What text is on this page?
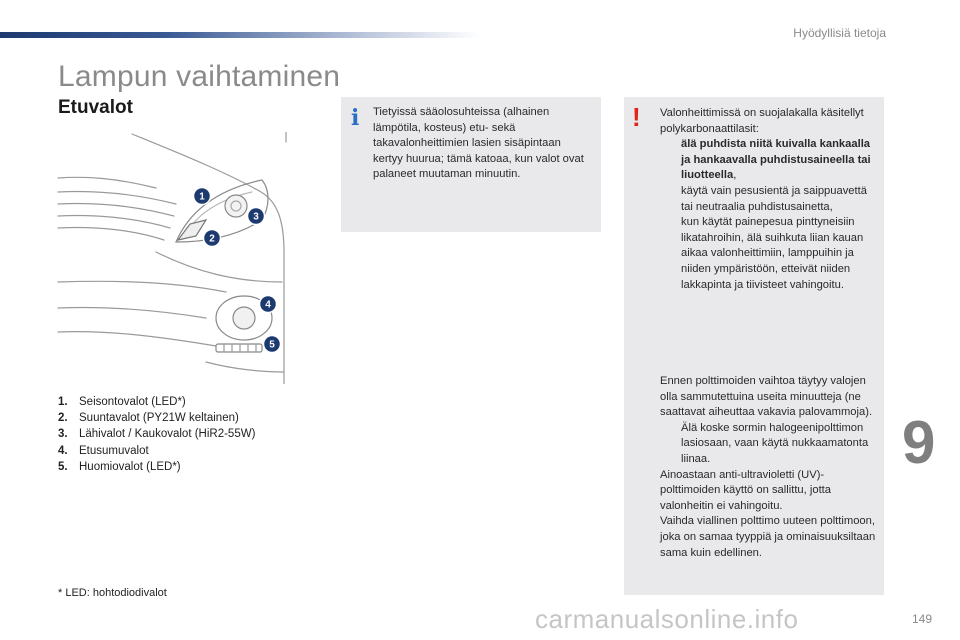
Hyödyllisiä tietoja
Lampun vaihtaminen
Etuvalot
1
2
3
4
5
1. Seisontovalot (LED*)
2. Suuntavalot (PY21W keltainen)
3. Lähivalot / Kaukovalot (HiR2-55W)
4. Etusumuvalot
5. Huomiovalot (LED*)
* LED: hohtodiodivalot
i Tietyissä sääolosuhteissa (alhainen lämpötila, kosteus) etu- sekä takavalonheittimien lasien sisäpintaan kertyy huurua; tämä katoaa, kun valot ovat palaneet muutaman minuutin.
! Valonheittimissä on suojalakalla käsitellyt polykarbonaattilasit:
älä puhdista niitä kuivalla kankaalla ja hankaavalla puhdistusaineella tai liuotteella,
käytä vain pesusientä ja saippuavettä tai neutraalia puhdistusainetta,
kun käytät painepesua pinttyneisiin likatahroihin, älä suihkuta liian kauan aikaa valonheittimiin, lamppuihin ja niiden ympäristöön, etteivät niiden lakkapinta ja tiivisteet vahingoitu.
Ennen polttimoiden vaihtoa täytyy valojen olla sammutettuina useita minuutteja (ne saattavat aiheuttaa vakavia palovammoja).
Älä koske sormin halogeenipolttimon lasiosaan, vaan käytä nukkaamatonta liinaa.
Ainoastaan anti-ultravioletti (UV)-polttimoiden käyttö on sallittu, jotta valonheitin ei vahingoitu.
Vaihda viallinen polttimo uuteen polttimoon, joka on samaa tyyppiä ja ominaisuuksiltaan sama kuin edellinen.
9
149
carmanualsonline.info
